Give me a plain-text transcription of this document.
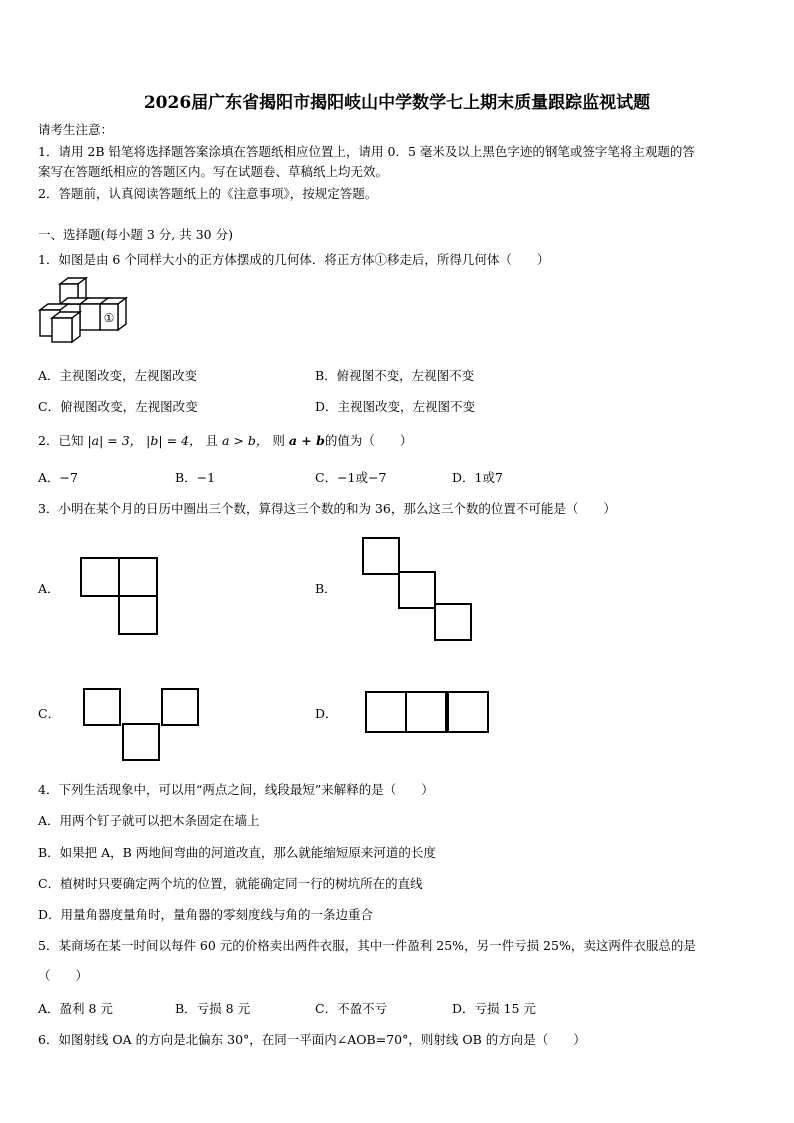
2026届广东省揭阳市揭阳岐山中学数学七上期末质量跟踪监视试题
请考生注意：
1．请用 2B 铅笔将选择题答案涂填在答题纸相应位置上，请用 0．5 毫米及以上黑色字迹的钢笔或签字笔将主观题的答
案写在答题纸相应的答题区内。写在试题卷、草稿纸上均无效。
2．答题前，认真阅读答题纸上的《注意事项》，按规定答题。
一、选择题(每小题 3 分, 共 30 分)
1．如图是由 6 个同样大小的正方体摆成的几何体．将正方体①移走后，所得几何体（　　）
①
A．主视图改变，左视图改变	B．俯视图不变，左视图不变
C．俯视图改变，左视图改变	D．主视图改变，左视图不变
2．已知 |a| = 3， |b| = 4， 且 a > b， 则 a + b的值为（　　）
A．−7	B．−1	C．−1或−7	D．1或7
3．小明在某个月的日历中圈出三个数，算得这三个数的和为 36，那么这三个数的位置不可能是（　　）
A．	B．
C．	D．
4．下列生活现象中，可以用“两点之间，线段最短”来解释的是（　　）
A．用两个钉子就可以把木条固定在墙上
B．如果把 A，B 两地间弯曲的河道改直，那么就能缩短原来河道的长度
C．植树时只要确定两个坑的位置，就能确定同一行的树坑所在的直线
D．用量角器度量角时，量角器的零刻度线与角的一条边重合
5．某商场在某一时间以每件 60 元的价格卖出两件衣服，其中一件盈利 25%，另一件亏损 25%，卖这两件衣服总的是
（　　）
A．盈利 8 元	B．亏损 8 元	C．不盈不亏	D．亏损 15 元
6．如图射线 OA 的方向是北偏东 30°，在同一平面内∠AOB=70°，则射线 OB 的方向是（　　）
